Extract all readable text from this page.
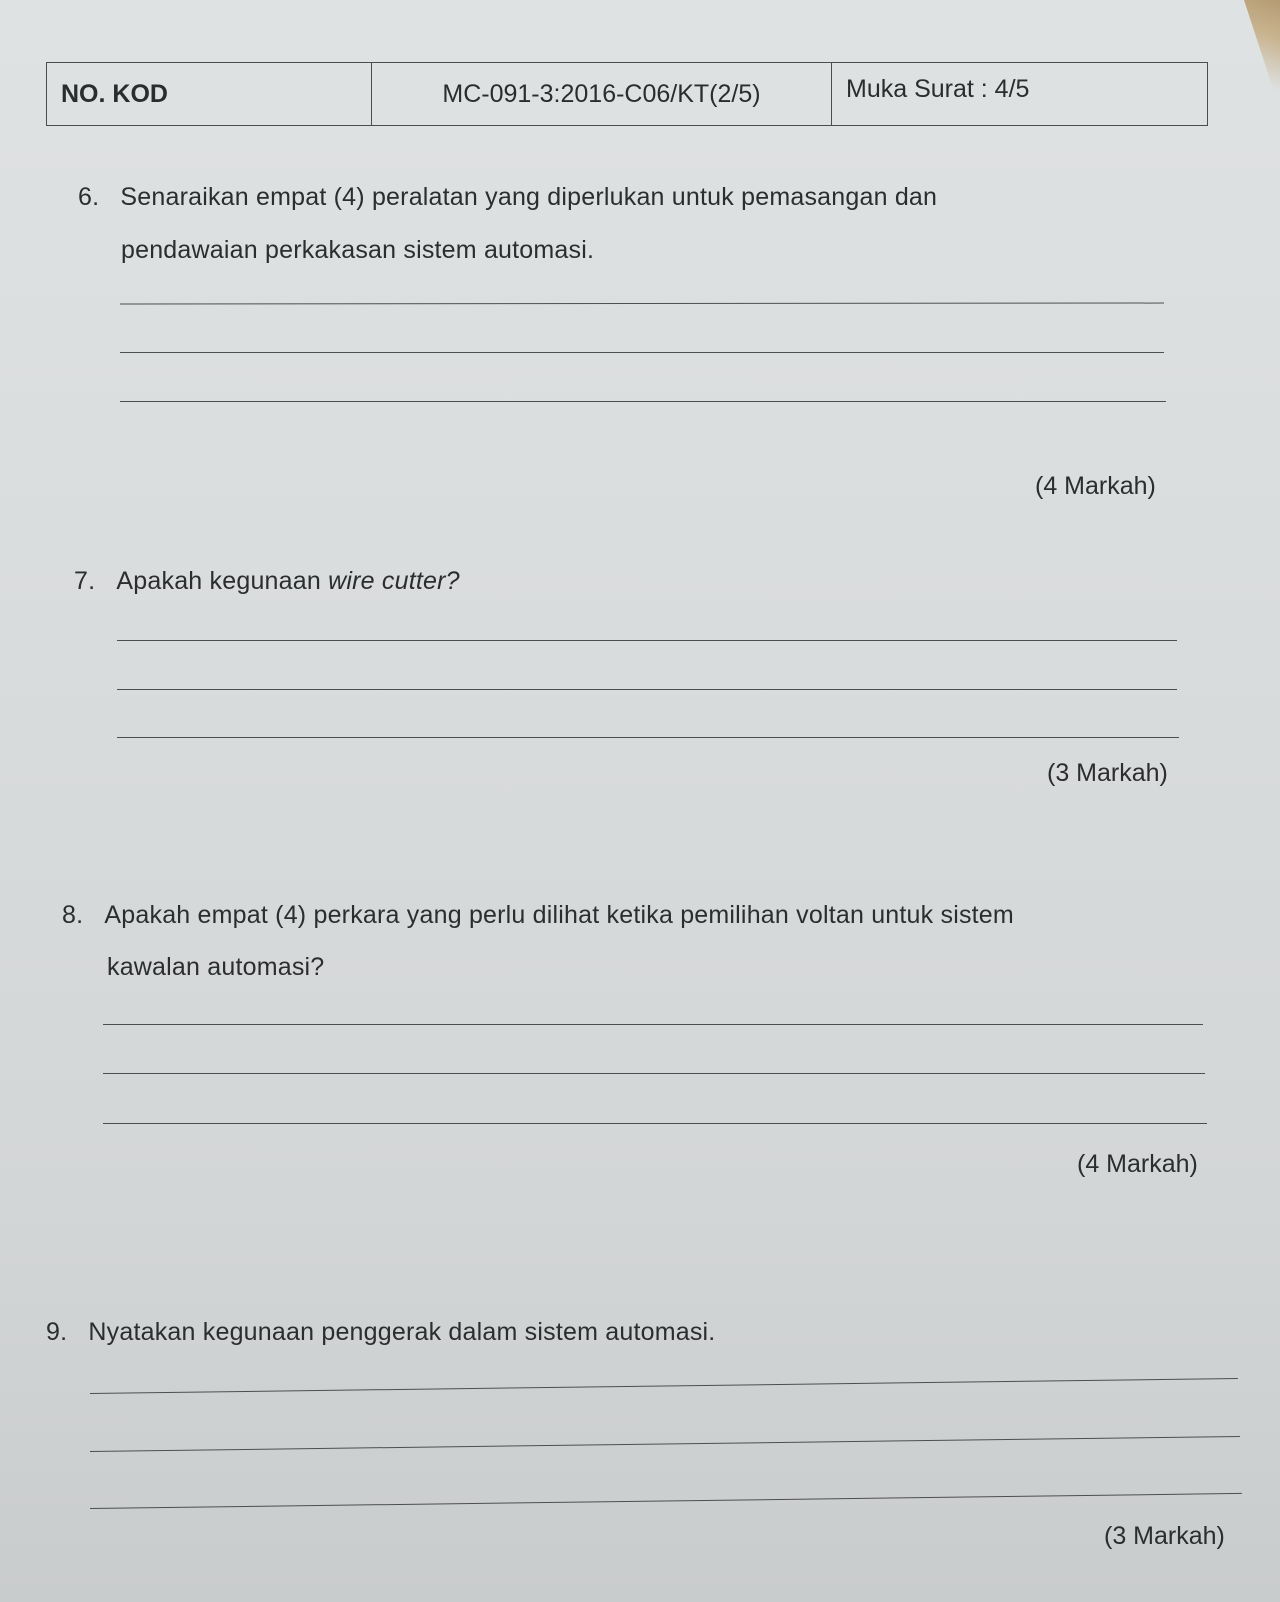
NO. KOD	MC-091-3:2016-C06/KT(2/5)	Muka Surat : 4/5
6. Senaraikan empat (4) peralatan yang diperlukan untuk pemasangan dan
pendawaian perkakasan sistem automasi.
(4 Markah)
7. Apakah kegunaan wire cutter?
(3 Markah)
8. Apakah empat (4) perkara yang perlu dilihat ketika pemilihan voltan untuk sistem
kawalan automasi?
(4 Markah)
9. Nyatakan kegunaan penggerak dalam sistem automasi.
(3 Markah)
